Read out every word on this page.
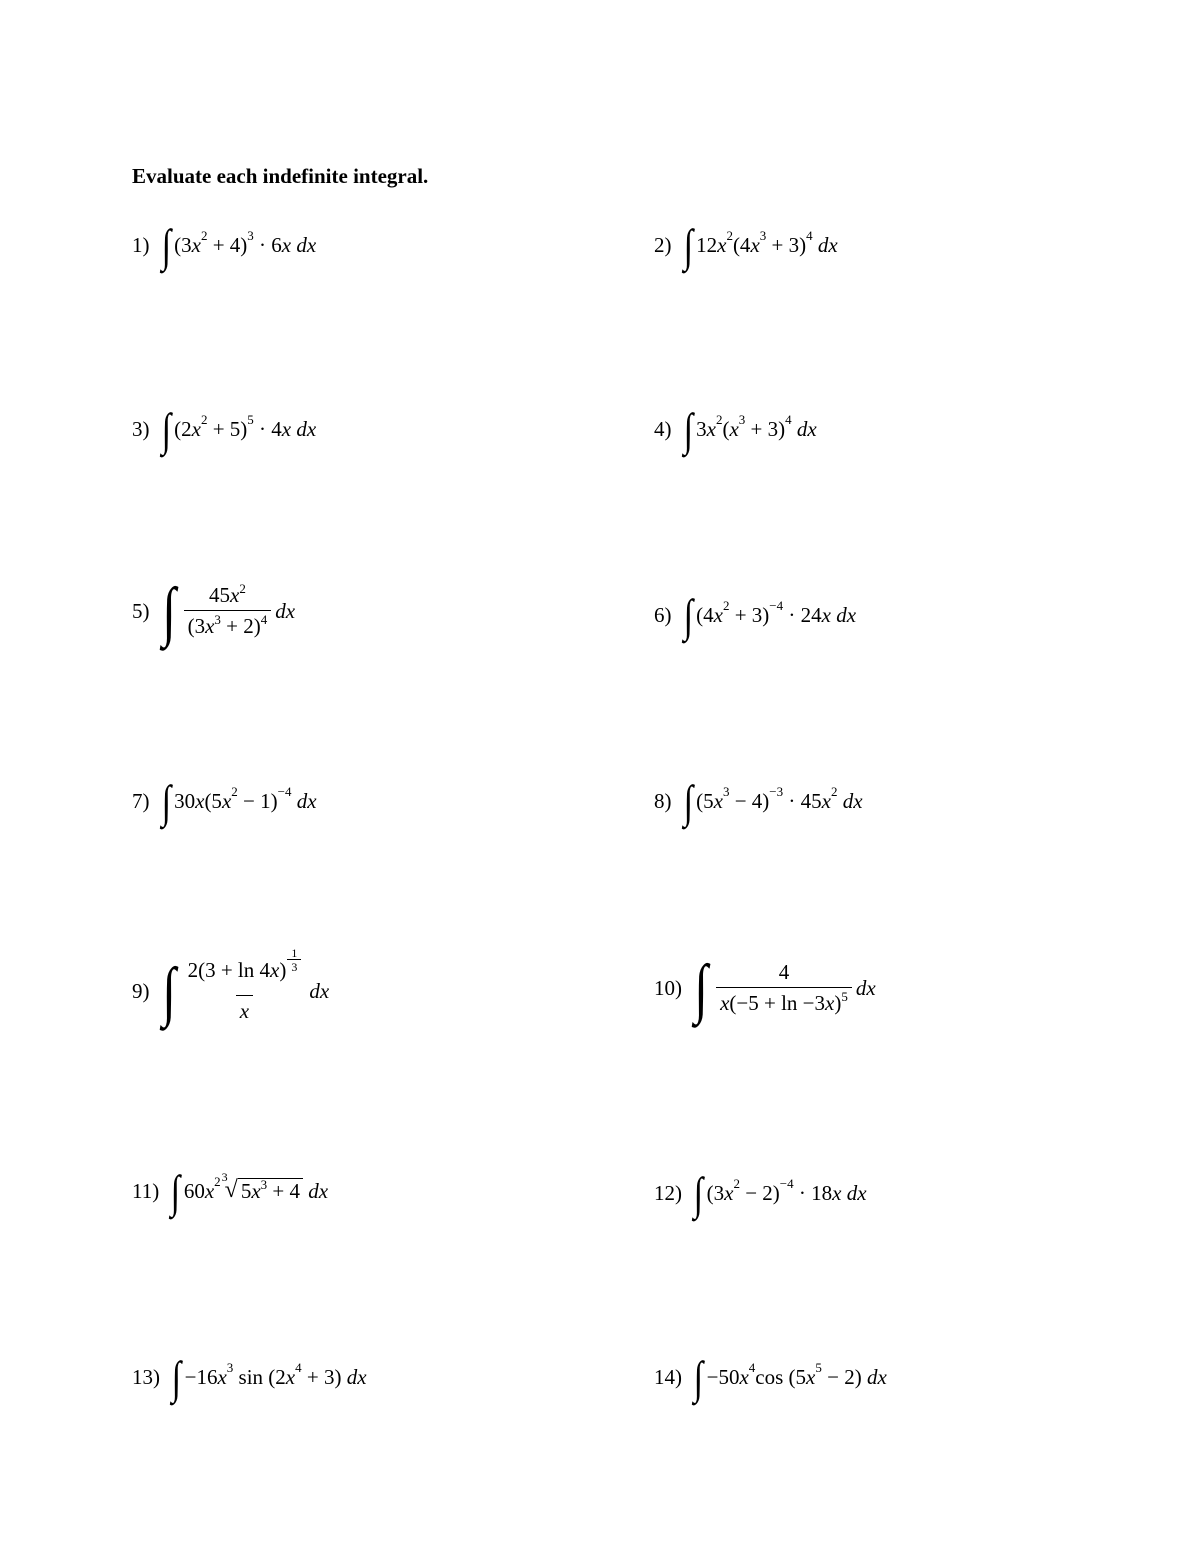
Evaluate each indefinite integral.
1) ∫ (3 $x^2 + 4)^3 \cdot 6$ x
dx	2) ∫ 12 $x^2$ (4 $x^3 + 3)^4$
dx
3) ∫ (2 $x^2 + 5)^5 \cdot 4$ x
dx	4) ∫ 3 $x^2$ ( $x^3 + 3)^4$
dx
5) ∫ $\frac{45x^2}{(3x^3 + 2)^4}$ dx	6) ∫ (4 $x^2 + 3)^{-4} \cdot 24$ x
dx
7) ∫ 30 x (5 $x^2 - 1)^{-4}$
dx	8) ∫ (5 $x^3 - 4)^{-3} \cdot 45$ $x^2$
dx
9) ∫ $\frac{2(3 + \ln 4x) \frac{1}{3}}{x}$ dx	10) ∫ $\frac{4}{x(-5 + \ln -3x)^5}$ dx
11) ∫ 60 $x^2$ 3
√ $5x^3 + 4$
dx	12) ∫ (3 $x^2 - 2)^{-4} \cdot 18$ x
dx
13) ∫ −16 $x^3$ sin (2 $x^4 + 3$) dx	14) ∫ −50 $x^4$ cos (5 $x^5 - 2$) dx
